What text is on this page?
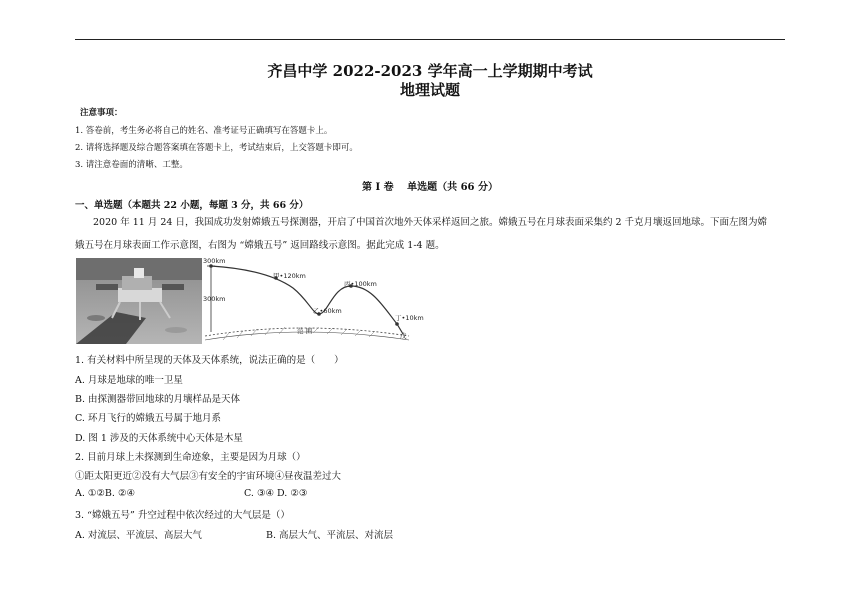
齐昌中学 2022-2023 学年高一上学期期中考试
地理试题
注意事项：
1. 答卷前，考生务必将自己的姓名、准考证号正确填写在答题卡上。
2. 请将选择题及综合题答案填在答题卡上，考试结束后，上交答题卡即可。
3. 请注意卷面的清晰、工整。
第 I 卷　 单选题（共 66 分）
一、单选题（本题共 22 小题，每题 3 分，共 66 分）
2020 年 11 月 24 日，我国成功发射嫦娥五号探测器，开启了中国首次地外天体采样返回之旅。嫦娥五号在月球表面采集约 2 千克月壤返回地球。下面左图为嫦
娥五号在月球表面工作示意图，右图为 “嫦娥五号” 返回路线示意图。据此完成 1-4 题。
300km
300km
甲•120km
丙•100km
乙•60km
丁•10km
戊
范 围
1. 有关材料中所呈现的天体及天体系统，说法正确的是（　　）
A. 月球是地球的唯一卫星
B. 由探测器带回地球的月壤样品是天体
C. 环月飞行的嫦娥五号属于地月系
D. 图 1 涉及的天体系统中心天体是木星
2. 目前月球上未探测到生命迹象，主要是因为月球（）
①距太阳更近②没有大气层③有安全的宇宙环境④昼夜温差过大
A. ①②B. ②④	C. ③④ D. ②③
3. “嫦娥五号” 升空过程中依次经过的大气层是（）
A. 对流层、平流层、高层大气	B. 高层大气、平流层、对流层
